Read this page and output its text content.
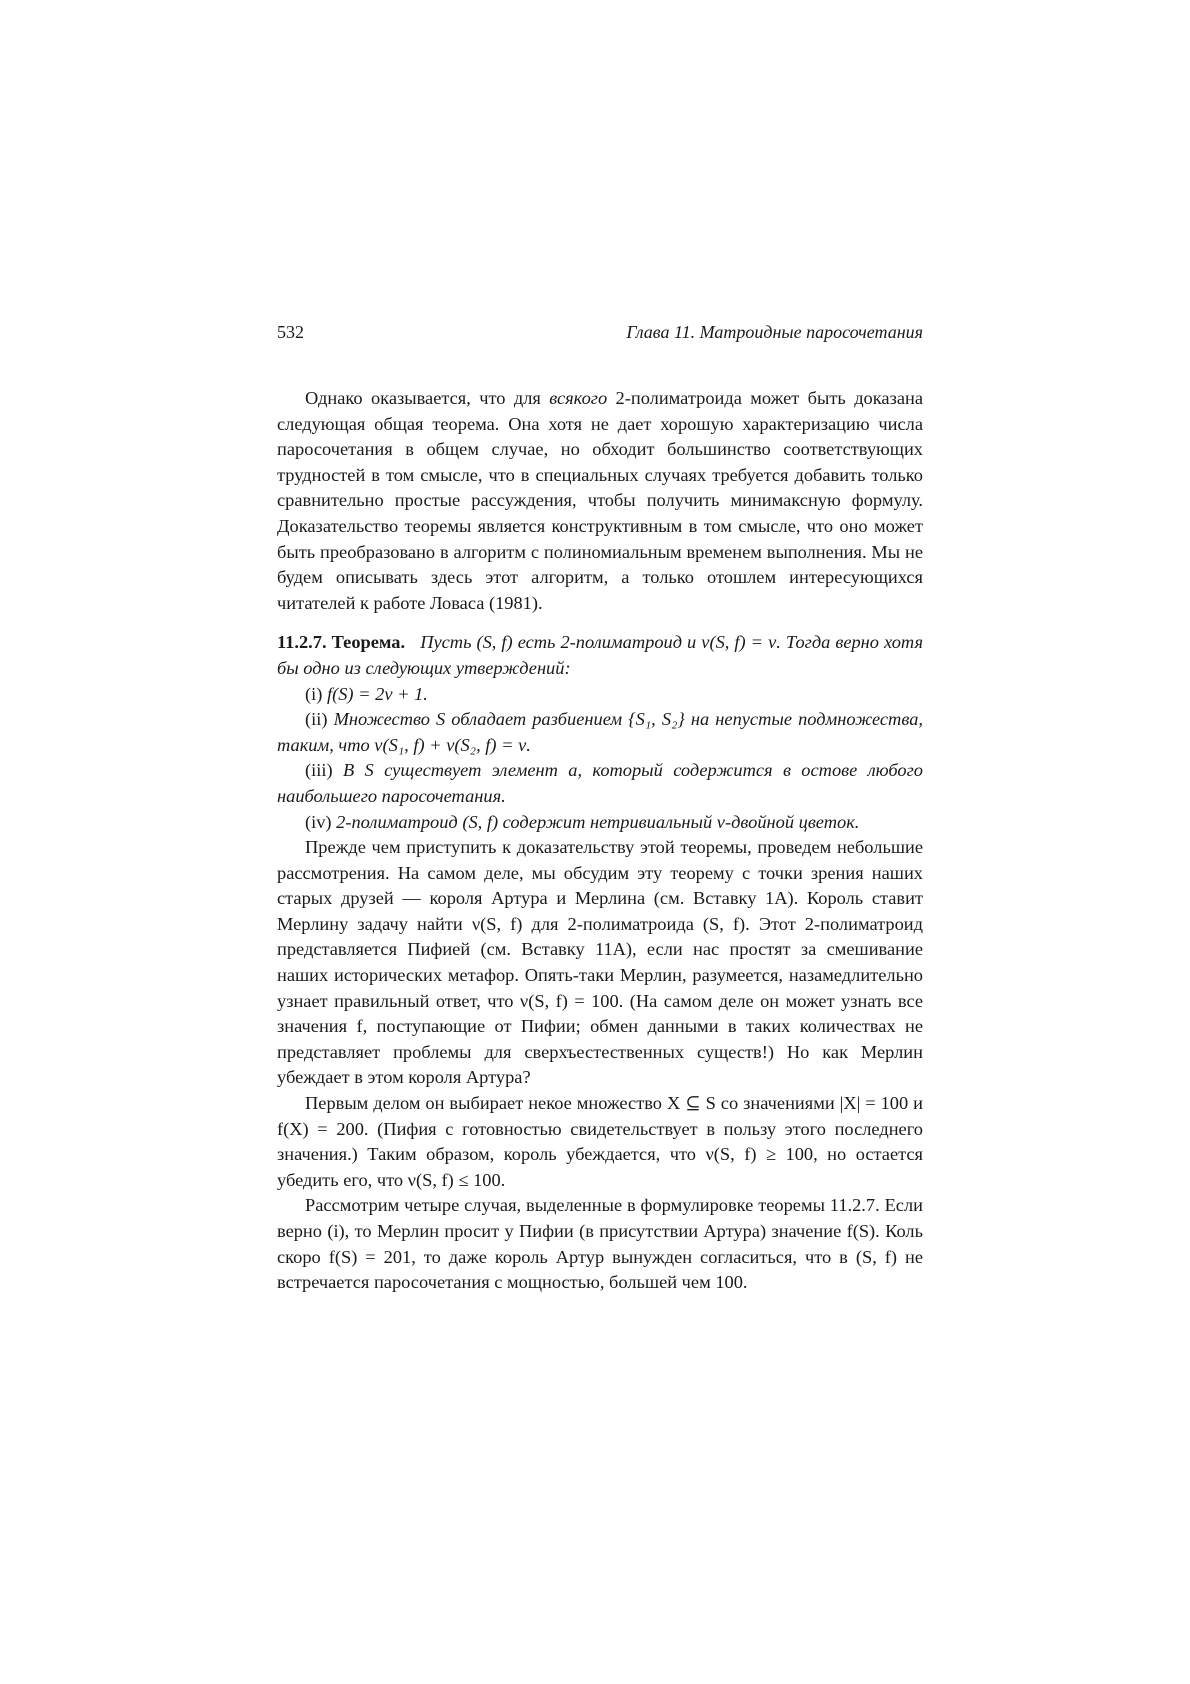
532	Глава 11. Матроидные паросочетания

Однако оказывается, что для всякого 2-полиматроида может быть доказана следующая общая теорема. Она хотя не дает хорошую характеризацию числа паросочетания в общем случае, но обходит большинство соответствующих трудностей в том смысле, что в специальных случаях требуется добавить только сравнительно простые рассуждения, чтобы получить минимаксную формулу. Доказательство теоремы является конструктивным в том смысле, что оно может быть преобразовано в алгоритм с полиномиальным временем выполнения. Мы не будем описывать здесь этот алгоритм, а только отошлем интересующихся читателей к работе Ловаса (1981).

11.2.7. Теорема. Пусть (S, f) есть 2-полиматроид и ν(S, f) = ν. Тогда верно хотя бы одно из следующих утверждений:

(i) f(S) = 2ν + 1.

(ii) Множество S обладает разбиением {S₁, S₂} на непустые подмножества, таким, что ν(S₁, f) + ν(S₂, f) = ν.

(iii) В S существует элемент a, который содержится в остове любого наибольшего паросочетания.

(iv) 2-полиматроид (S, f) содержит нетривиальный ν-двойной цветок.

Прежде чем приступить к доказательству этой теоремы, проведем небольшие рассмотрения. На самом деле, мы обсудим эту теорему с точки зрения наших старых друзей — короля Артура и Мерлина (см. Вставку 1А). Король ставит Мерлину задачу найти ν(S, f) для 2-полиматроида (S, f). Этот 2-полиматроид представляется Пифией (см. Вставку 11А), если нас простят за смешивание наших исторических метафор. Опять-таки Мерлин, разумеется, назамедлительно узнает правильный ответ, что ν(S, f) = 100. (На самом деле он может узнать все значения f, поступающие от Пифии; обмен данными в таких количествах не представляет проблемы для сверхъестественных существ!) Но как Мерлин убеждает в этом короля Артура?

Первым делом он выбирает некое множество X ⊆ S со значениями |X| = 100 и f(X) = 200. (Пифия с готовностью свидетельствует в пользу этого последнего значения.) Таким образом, король убеждается, что ν(S, f) ≥ 100, но остается убедить его, что ν(S, f) ≤ 100.

Рассмотрим четыре случая, выделенные в формулировке теоремы 11.2.7. Если верно (i), то Мерлин просит у Пифии (в присутствии Артура) значение f(S). Коль скоро f(S) = 201, то даже король Артур вынужден согласиться, что в (S, f) не встречается паросочетания с мощностью, большей чем 100.
